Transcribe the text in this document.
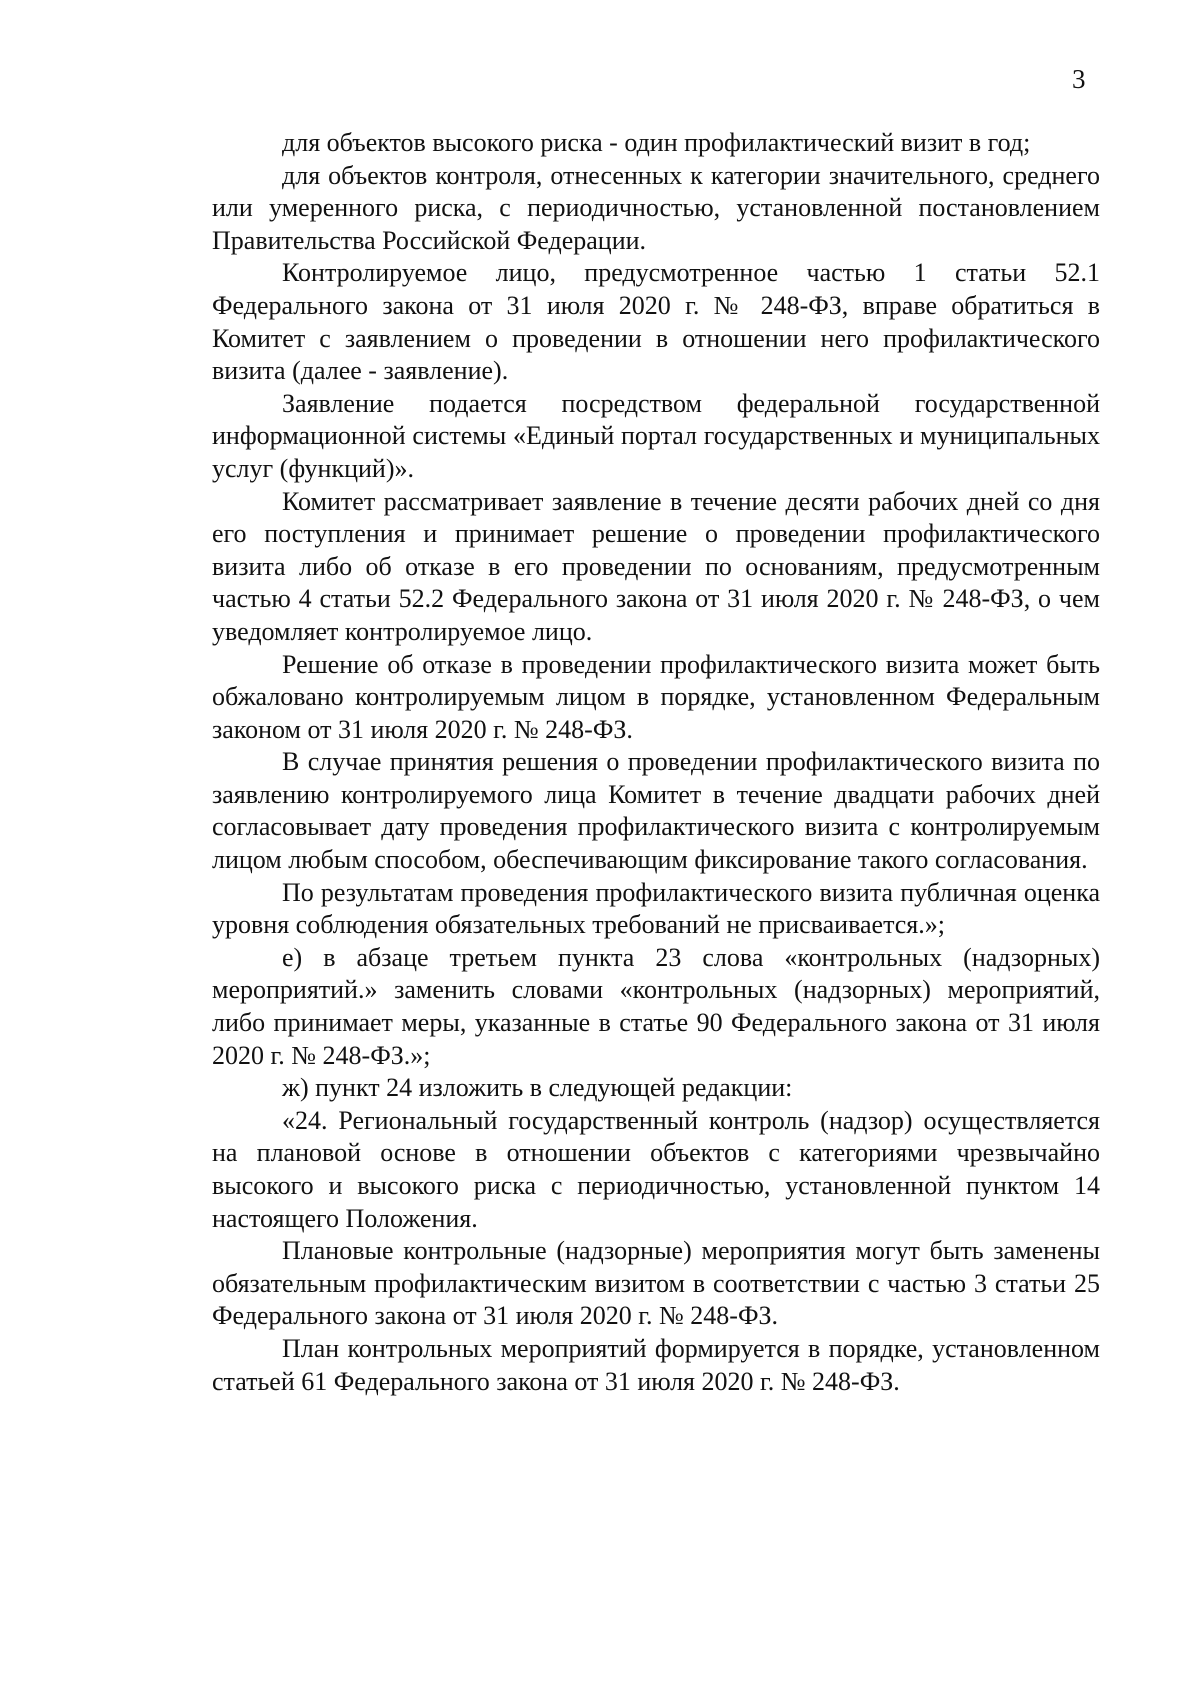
3

для объектов высокого риска - один профилактический визит в год;

для объектов контроля, отнесенных к категории значительного, среднего или умеренного риска, с периодичностью, установленной постановлением Правительства Российской Федерации.

Контролируемое лицо, предусмотренное частью 1 статьи 52.1 Федерального закона от 31 июля 2020 г. № 248-ФЗ, вправе обратиться в Комитет с заявлением о проведении в отношении него профилактического визита (далее - заявление).

Заявление подается посредством федеральной государственной информационной системы «Единый портал государственных и муниципальных услуг (функций)».

Комитет рассматривает заявление в течение десяти рабочих дней со дня его поступления и принимает решение о проведении профилактического визита либо об отказе в его проведении по основаниям, предусмотренным частью 4 статьи 52.2 Федерального закона от 31 июля 2020 г. № 248-ФЗ, о чем уведомляет контролируемое лицо.

Решение об отказе в проведении профилактического визита может быть обжаловано контролируемым лицом в порядке, установленном Федеральным законом от 31 июля 2020 г. № 248-ФЗ.

В случае принятия решения о проведении профилактического визита по заявлению контролируемого лица Комитет в течение двадцати рабочих дней согласовывает дату проведения профилактического визита с контролируемым лицом любым способом, обеспечивающим фиксирование такого согласования.

По результатам проведения профилактического визита публичная оценка уровня соблюдения обязательных требований не присваивается.»;

е) в абзаце третьем пункта 23 слова «контрольных (надзорных) мероприятий.» заменить словами «контрольных (надзорных) мероприятий, либо принимает меры, указанные в статье 90 Федерального закона от 31 июля 2020 г. № 248-ФЗ.»;

ж) пункт 24 изложить в следующей редакции:

«24. Региональный государственный контроль (надзор) осуществляется на плановой основе в отношении объектов с категориями чрезвычайно высокого и высокого риска с периодичностью, установленной пунктом 14 настоящего Положения.

Плановые контрольные (надзорные) мероприятия могут быть заменены обязательным профилактическим визитом в соответствии с частью 3 статьи 25 Федерального закона от 31 июля 2020 г. № 248-ФЗ.

План контрольных мероприятий формируется в порядке, установленном статьей 61 Федерального закона от 31 июля 2020 г. № 248-ФЗ.
